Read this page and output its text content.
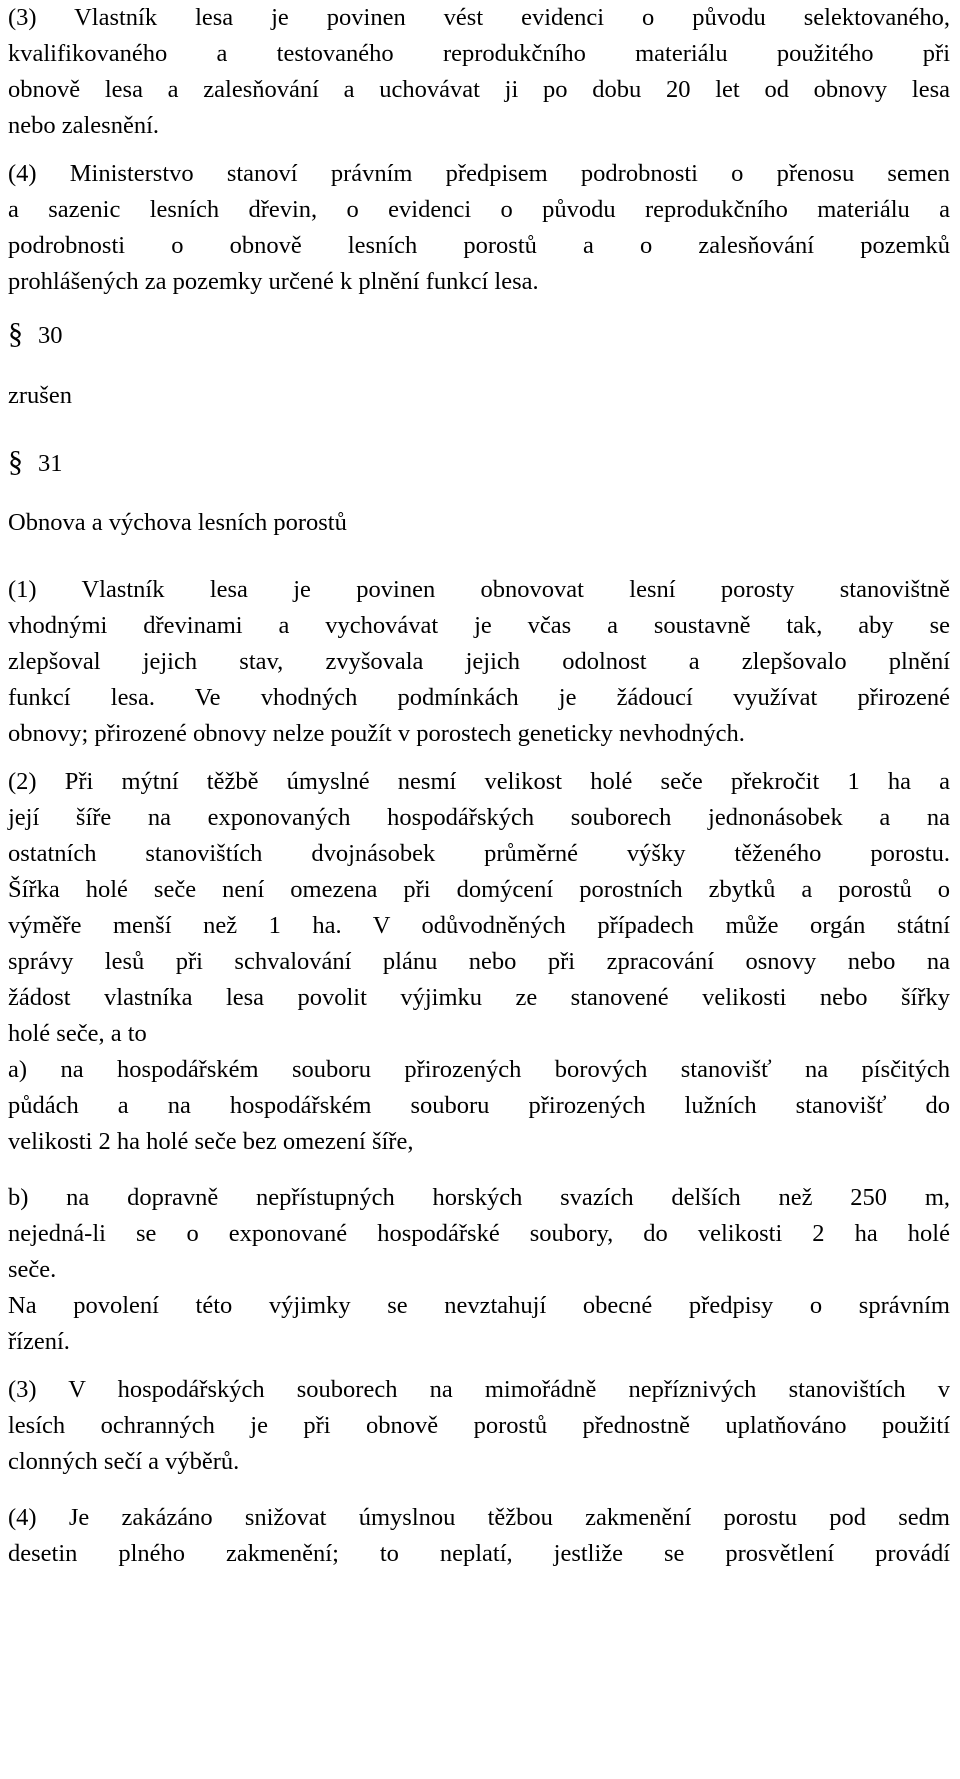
(3) Vlastník lesa je povinen vést evidenci o původu selektovaného,
kvalifikovaného a testovaného reprodukčního materiálu použitého při
obnově lesa a zalesňování a uchovávat ji po dobu 20 let od obnovy lesa
nebo zalesnění.
(4) Ministerstvo stanoví právním předpisem podrobnosti o přenosu semen
a sazenic lesních dřevin, o evidenci o původu reprodukčního materiálu a
podrobnosti o obnově lesních porostů a o zalesňování pozemků
prohlášených za pozemky určené k plnění funkcí lesa.
§ 30
zrušen
§ 31
Obnova a výchova lesních porostů
(1) Vlastník lesa je povinen obnovovat lesní porosty stanovištně
vhodnými dřevinami a vychovávat je včas a soustavně tak, aby se
zlepšoval jejich stav, zvyšovala jejich odolnost a zlepšovalo plnění
funkcí lesa. Ve vhodných podmínkách je žádoucí využívat přirozené
obnovy; přirozené obnovy nelze použít v porostech geneticky nevhodných.
(2) Při mýtní těžbě úmyslné nesmí velikost holé seče překročit 1 ha a
její šíře na exponovaných hospodářských souborech jednonásobek a na
ostatních stanovištích dvojnásobek průměrné výšky těženého porostu.
Šířka holé seče není omezena při domýcení porostních zbytků a porostů o
výměře menší než 1 ha. V odůvodněných případech může orgán státní
správy lesů při schvalování plánu nebo při zpracování osnovy nebo na
žádost vlastníka lesa povolit výjimku ze stanovené velikosti nebo šířky
holé seče, a to
a) na hospodářském souboru přirozených borových stanovišť na písčitých
půdách a na hospodářském souboru přirozených lužních stanovišť do
velikosti 2 ha holé seče bez omezení šíře,
b) na dopravně nepřístupných horských svazích delších než 250 m,
nejedná-li se o exponované hospodářské soubory, do velikosti 2 ha holé
seče.
Na povolení této výjimky se nevztahují obecné předpisy o správním
řízení.
(3) V hospodářských souborech na mimořádně nepříznivých stanovištích v
lesích ochranných je při obnově porostů přednostně uplatňováno použití
clonných sečí a výběrů.
(4) Je zakázáno snižovat úmyslnou těžbou zakmenění porostu pod sedm
desetin plného zakmenění; to neplatí, jestliže se prosvětlení provádí
